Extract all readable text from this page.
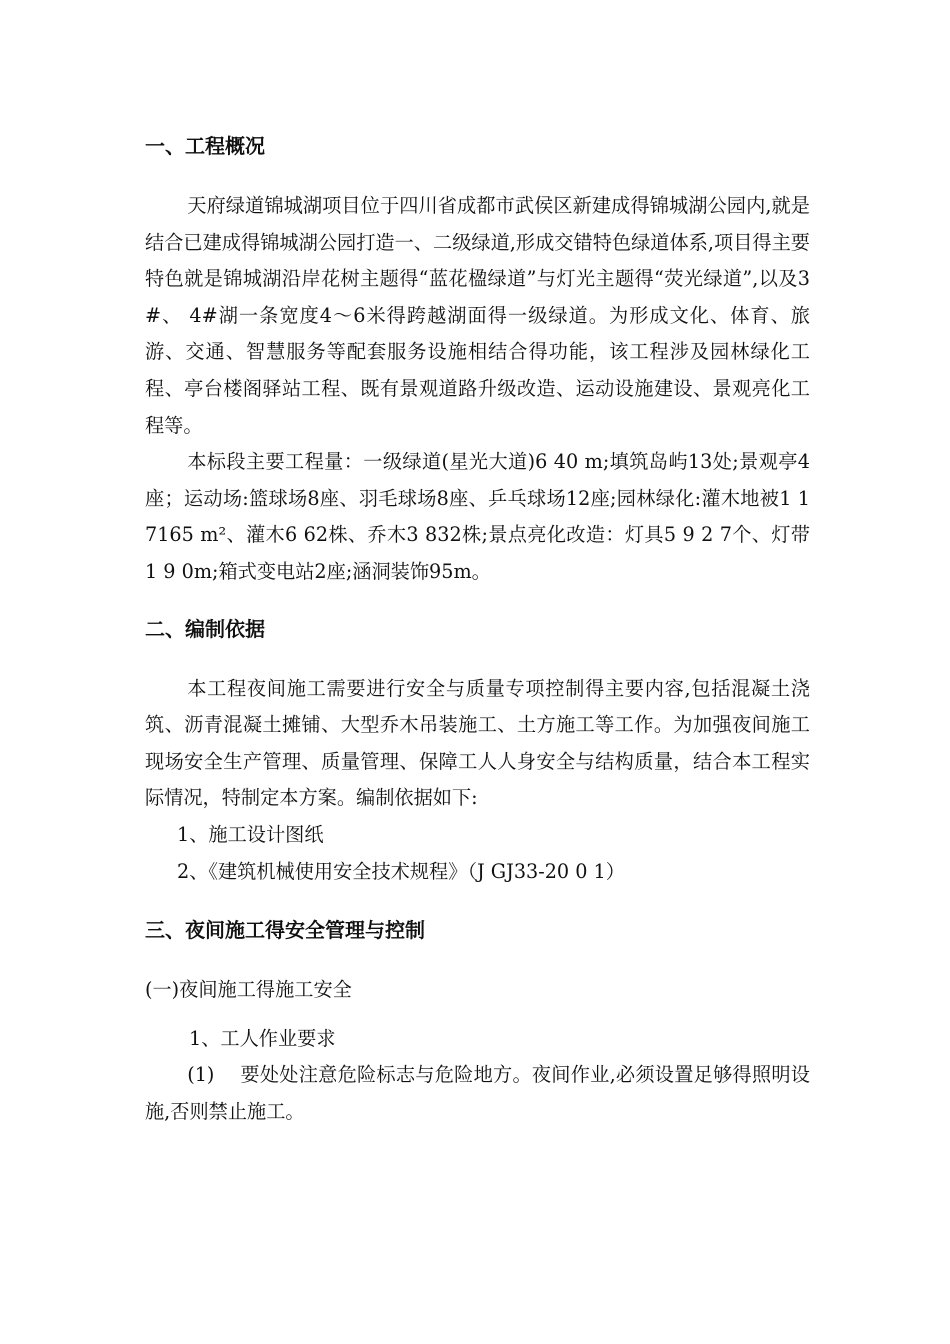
一、工程概况

天府绿道锦城湖项目位于四川省成都市武侯区新建成得锦城湖公园内,就是结合已建成得锦城湖公园打造一、二级绿道,形成交错特色绿道体系,项目得主要特色就是锦城湖沿岸花树主题得“蓝花楹绿道”与灯光主题得“荧光绿道”,以及3#、 4#湖一条宽度4～6米得跨越湖面得一级绿道。为形成文化、体育、旅游、交通、智慧服务等配套服务设施相结合得功能，该工程涉及园林绿化工程、亭台楼阁驿站工程、既有景观道路升级改造、运动设施建设、景观亮化工程等。

本标段主要工程量：一级绿道(星光大道)6 40 m;填筑岛屿13处;景观亭4座；运动场:篮球场8座、羽毛球场8座、乒乓球场12座;园林绿化:灌木地被1 1 7165 m²、灌木6 62株、乔木3 832株;景点亮化改造：灯具5 9 2 7个、灯带1 9 0m;箱式变电站2座;涵洞装饰95m。

二、编制依据

本工程夜间施工需要进行安全与质量专项控制得主要内容,包括混凝土浇筑、沥青混凝土摊铺、大型乔木吊装施工、土方施工等工作。为加强夜间施工现场安全生产管理、质量管理、保障工人人身安全与结构质量，结合本工程实际情况，特制定本方案。编制依据如下:

1、施工设计图纸

2、《建筑机械使用安全技术规程》（J GJ33-20 0 1）

三、夜间施工得安全管理与控制

(一)夜间施工得施工安全

1、工人作业要求

(1)　 要处处注意危险标志与危险地方。夜间作业,必须设置足够得照明设施,否则禁止施工。
